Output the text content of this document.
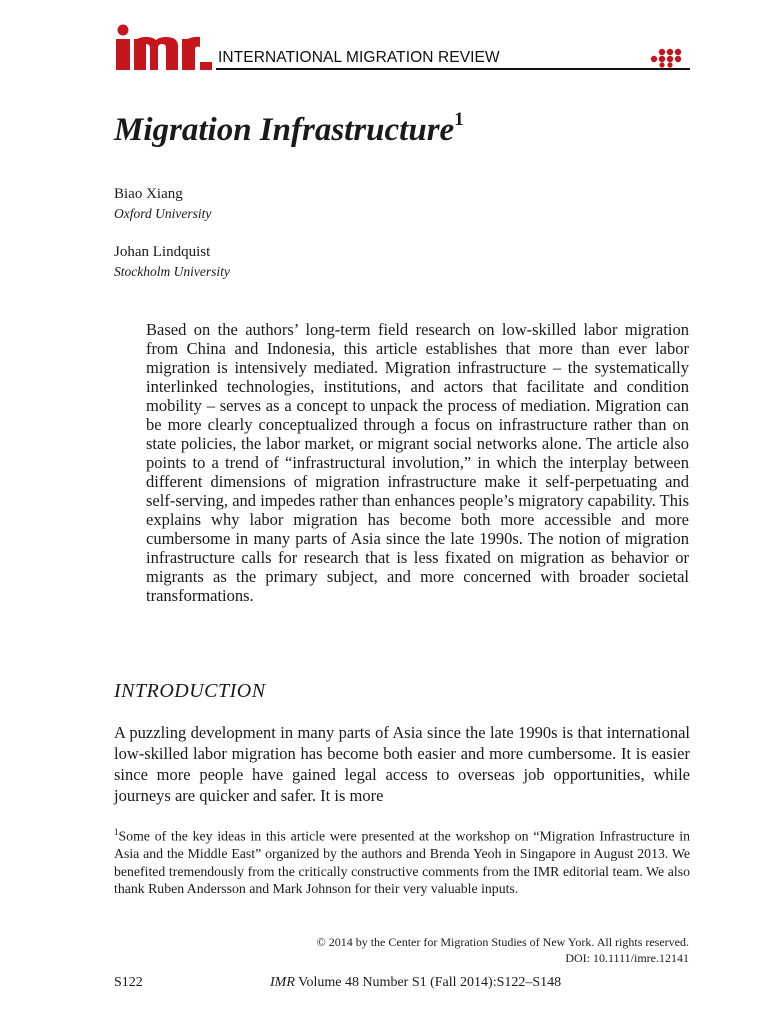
INTERNATIONAL MIGRATION REVIEW
Migration Infrastructure$^1$
Biao Xiang
Oxford University
Johan Lindquist
Stockholm University
Based on the authors’ long-term field research on low-skilled labor migration from China and Indonesia, this article establishes that more than ever labor migration is intensively mediated. Migration infrastructure – the systematically interlinked technologies, institutions, and actors that facilitate and condition mobility – serves as a concept to unpack the process of mediation. Migration can be more clearly conceptualized through a focus on infrastructure rather than on state policies, the labor market, or migrant social networks alone. The article also points to a trend of “infrastructural involution,” in which the interplay between different dimensions of migration infrastructure make it self-perpetuating and self-serving, and impedes rather than enhances people’s migratory capability. This explains why labor migration has become both more accessible and more cumbersome in many parts of Asia since the late 1990s. The notion of migration infrastructure calls for research that is less fixated on migration as behavior or migrants as the primary subject, and more concerned with broader societal transformations.
INTRODUCTION
A puzzling development in many parts of Asia since the late 1990s is that international low-skilled labor migration has become both easier and more cumbersome. It is easier since more people have gained legal access to overseas job opportunities, while journeys are quicker and safer. It is more
$^1$Some of the key ideas in this article were presented at the workshop on “Migration Infrastructure in Asia and the Middle East” organized by the authors and Brenda Yeoh in Singapore in August 2013. We benefited tremendously from the critically constructive comments from the IMR editorial team. We also thank Ruben Andersson and Mark Johnson for their very valuable inputs.
© 2014 by the Center for Migration Studies of New York. All rights reserved.
DOI: 10.1111/imre.12141
S122	IMR Volume 48 Number S1 (Fall 2014):S122–S148
